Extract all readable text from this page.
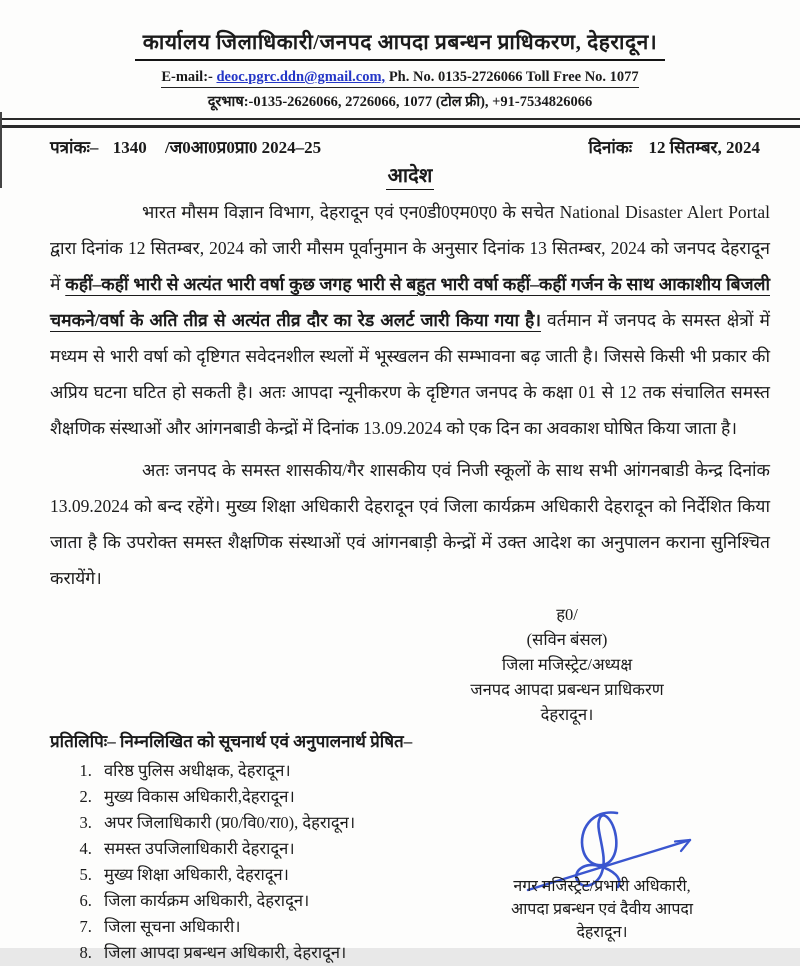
कार्यालय जिलाधिकारी/जनपद आपदा प्रबन्धन प्राधिकरण, देहरादून।
E-mail:- deoc.pgrc.ddn@gmail.com, Ph. No. 0135-2726066 Toll Free No. 1077
दूरभाष:-0135-2626066, 2726066, 1077 (टोल फ्री), +91-7534826066
पत्रांकः– 1340 /ज0आ0प्र0प्रा0 2024–25	दिनांकः 12 सितम्बर, 2024
आदेश

भारत मौसम विज्ञान विभाग, देहरादून एवं एन0डी0एम0ए0 के सचेत National Disaster Alert Portal द्वारा दिनांक 12 सितम्बर, 2024 को जारी मौसम पूर्वानुमान के अनुसार दिनांक 13 सितम्बर, 2024 को जनपद देहरादून में कहीं–कहीं भारी से अत्यंत भारी वर्षा कुछ जगह भारी से बहुत भारी वर्षा कहीं–कहीं गर्जन के साथ आकाशीय बिजली चमकने/वर्षा के अति तीव्र से अत्यंत तीव्र दौर का रेड अलर्ट जारी किया गया है। वर्तमान में जनपद के समस्त क्षेत्रों में मध्यम से भारी वर्षा को दृष्टिगत सवेदनशील स्थलों में भूस्खलन की सम्भावना बढ़ जाती है। जिससे किसी भी प्रकार की अप्रिय घटना घटित हो सकती है। अतः आपदा न्यूनीकरण के दृष्टिगत जनपद के कक्षा 01 से 12 तक संचालित समस्त शैक्षणिक संस्थाओं और आंगनबाडी केन्द्रों में दिनांक 13.09.2024 को एक दिन का अवकाश घोषित किया जाता है।

अतः जनपद के समस्त शासकीय/गैर शासकीय एवं निजी स्कूलों के साथ सभी आंगनबाडी केन्द्र दिनांक 13.09.2024 को बन्द रहेंगे। मुख्य शिक्षा अधिकारी देहरादून एवं जिला कार्यक्रम अधिकारी देहरादून को निर्देशित किया जाता है कि उपरोक्त समस्त शैक्षणिक संस्थाओं एवं आंगनबाड़ी केन्द्रों में उक्त आदेश का अनुपालन कराना सुनिश्चित करायेंगे।

ह0/
(सविन बंसल)
जिला मजिस्ट्रेट/अध्यक्ष
जनपद आपदा प्रबन्धन प्राधिकरण
देहरादून।
प्रतिलिपिः– निम्नलिखित को सूचनार्थ एवं अनुपालनार्थ प्रेषित–
1. वरिष्ठ पुलिस अधीक्षक, देहरादून।
2. मुख्य विकास अधिकारी,देहरादून।
3. अपर जिलाधिकारी (प्र0/वि0/रा0), देहरादून।
4. समस्त उपजिलाधिकारी देहरादून।
5. मुख्य शिक्षा अधिकारी, देहरादून।
6. जिला कार्यक्रम अधिकारी, देहरादून।
7. जिला सूचना अधिकारी।
8. जिला आपदा प्रबन्धन अधिकारी, देहरादून।
नगर मजिस्ट्रेट/प्रभारी अधिकारी,
आपदा प्रबन्धन एवं दैवीय आपदा
देहरादून।
